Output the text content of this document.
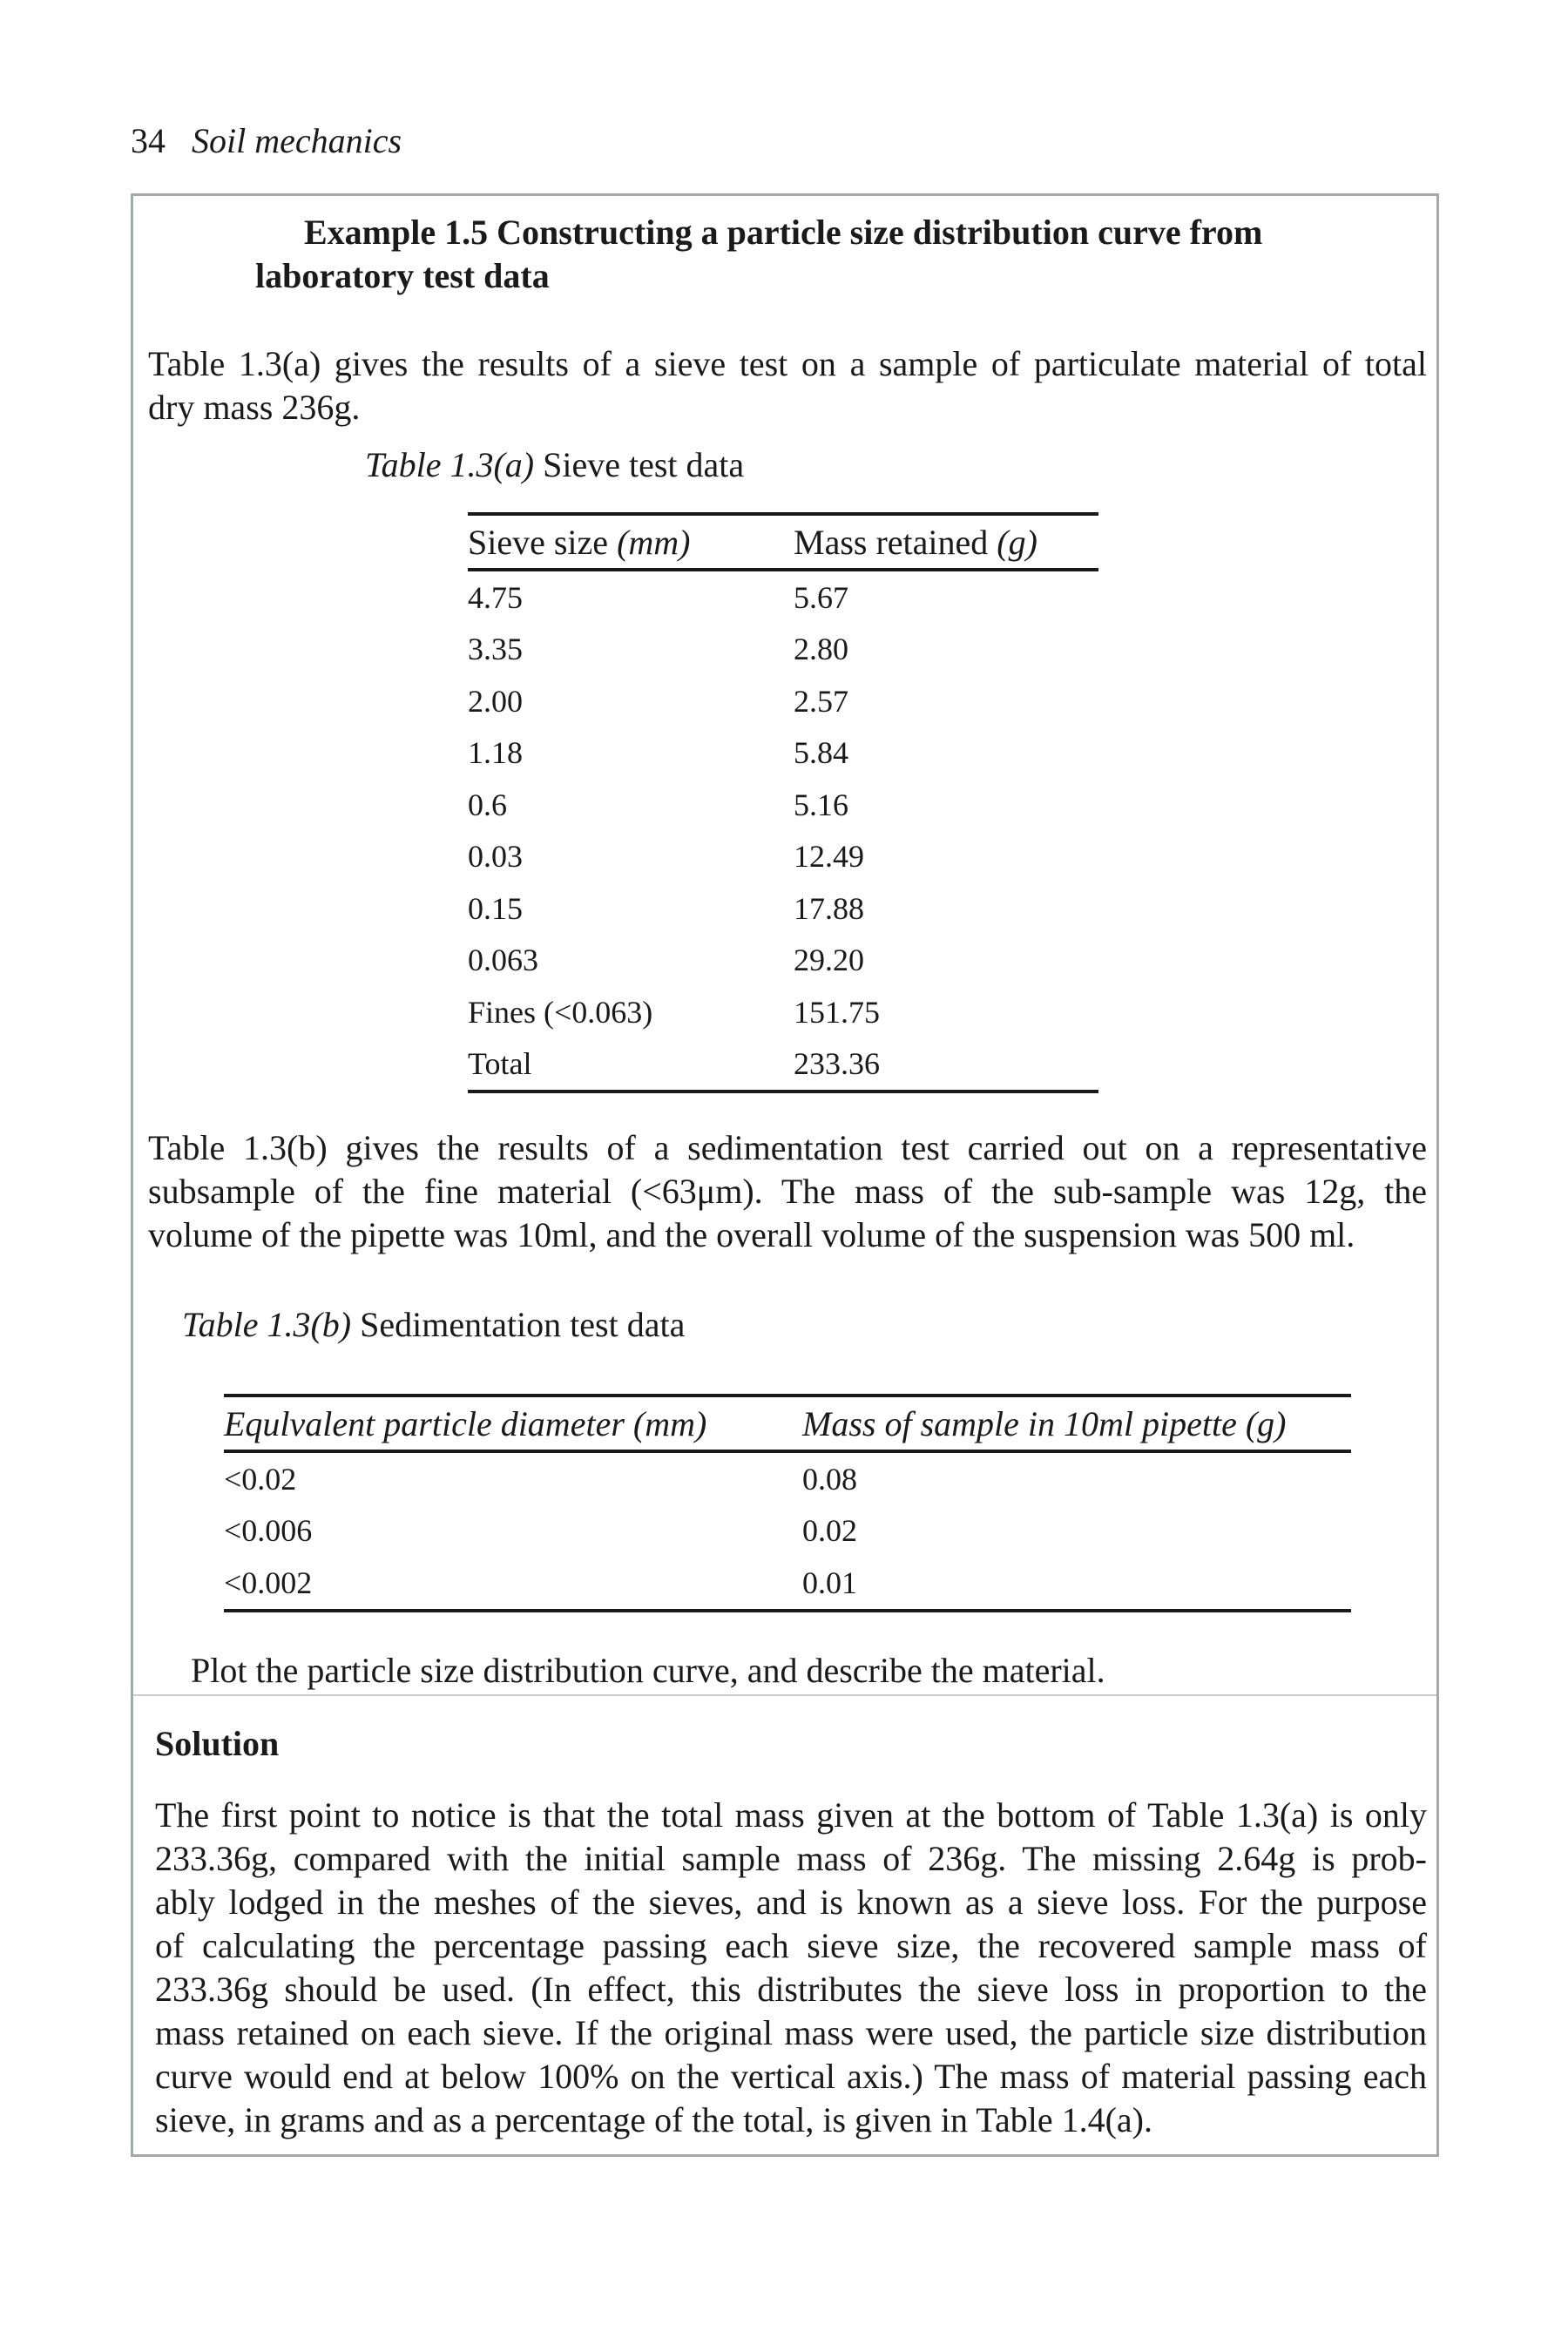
34 Soil mechanics
Example 1.5 Constructing a particle size distribution curve from
laboratory test data
Table 1.3(a) gives the results of a sieve test on a sample of particulate material of total
dry mass 236g.
Table 1.3(a) Sieve test data
Sieve size (mm)	Mass retained (g)
4.75	5.67
3.35	2.80
2.00	2.57
1.18	5.84
0.6	5.16
0.03	12.49
0.15	17.88
0.063	29.20
Fines (<0.063)	151.75
Total	233.36
Table 1.3(b) gives the results of a sedimentation test carried out on a representative
subsample of the fine material (<63μm). The mass of the sub-sample was 12g, the
volume of the pipette was 10ml, and the overall volume of the suspension was 500 ml.
Table 1.3(b) Sedimentation test data
Equlvalent particle diameter (mm)	Mass of sample in 10ml pipette (g)
<0.02	0.08
<0.006	0.02
<0.002	0.01
Plot the particle size distribution curve, and describe the material.
Solution
The first point to notice is that the total mass given at the bottom of Table 1.3(a) is only
233.36g, compared with the initial sample mass of 236g. The missing 2.64g is prob-
ably lodged in the meshes of the sieves, and is known as a sieve loss. For the purpose
of calculating the percentage passing each sieve size, the recovered sample mass of
233.36g should be used. (In effect, this distributes the sieve loss in proportion to the
mass retained on each sieve. If the original mass were used, the particle size distribution
curve would end at below 100% on the vertical axis.) The mass of material passing each
sieve, in grams and as a percentage of the total, is given in Table 1.4(a).
